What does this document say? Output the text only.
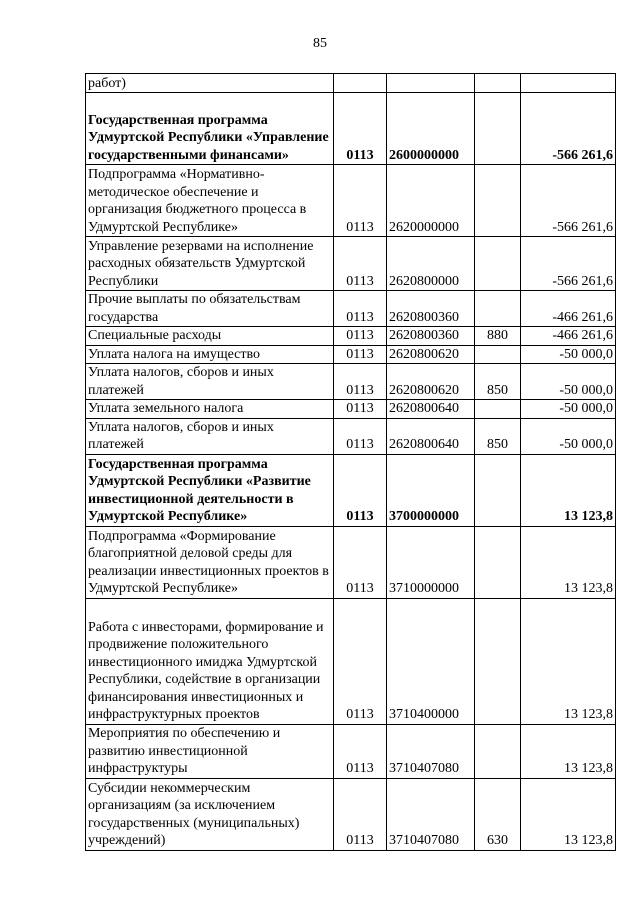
85
работ)				
Государственная программа Удмуртской Республики «Управление государственными финансами»	0113	2600000000		-566 261,6
Подпрограмма «Нормативно-методическое обеспечение и организация бюджетного процесса в Удмуртской Республике»	0113	2620000000		-566 261,6
Управление резервами на исполнение расходных обязательств Удмуртской Республики	0113	2620800000		-566 261,6
Прочие выплаты по обязательствам государства	0113	2620800360		-466 261,6
Специальные расходы	0113	2620800360	880	-466 261,6
Уплата налога на имущество	0113	2620800620		-50 000,0
Уплата налогов, сборов и иных платежей	0113	2620800620	850	-50 000,0
Уплата земельного налога	0113	2620800640		-50 000,0
Уплата налогов, сборов и иных платежей	0113	2620800640	850	-50 000,0
Государственная программа Удмуртской Республики «Развитие инвестиционной деятельности в Удмуртской Республике»	0113	3700000000		13 123,8
Подпрограмма «Формирование благоприятной деловой среды для реализации инвестиционных проектов в Удмуртской Республике»	0113	3710000000		13 123,8
Работа с инвесторами, формирование и продвижение положительного инвестиционного имиджа Удмуртской Республики, содействие в организации финансирования инвестиционных и инфраструктурных проектов	0113	3710400000		13 123,8
Мероприятия по обеспечению и развитию инвестиционной инфраструктуры	0113	3710407080		13 123,8
Субсидии некоммерческим организациям (за исключением государственных (муниципальных) учреждений)	0113	3710407080	630	13 123,8
